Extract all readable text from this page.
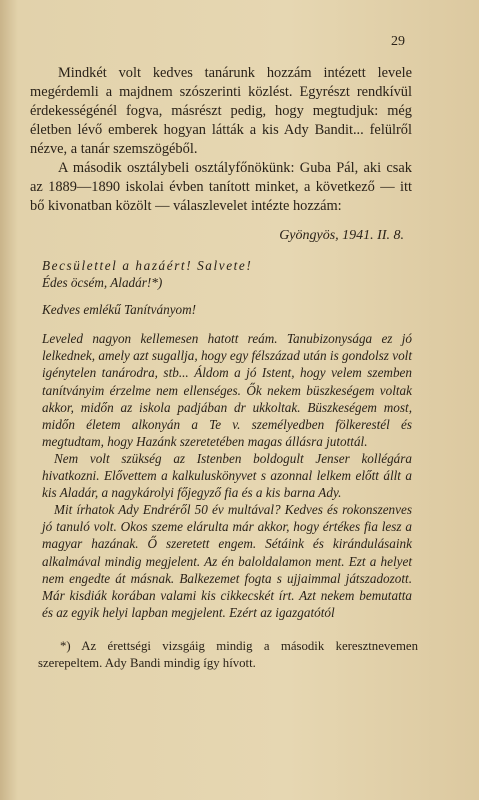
29

Mindkét volt kedves tanárunk hozzám intézett levele megérdemli a majdnem szószerinti közlést. Egyrészt rendkívül érdekességénél fogva, másrészt pedig, hogy megtudjuk: még életben lévő emberek hogyan látták a kis Ady Bandit... felülről nézve, a tanár szemszögéből.

A második osztálybeli osztályfőnökünk: Guba Pál, aki csak az 1889—1890 iskolai évben tanított minket, a következő — itt bő kivonatban közölt — válaszlevelet intézte hozzám:

Gyöngyös, 1941. II. 8.

Becsülettel a hazáért! Salvete!

Édes öcsém, Aladár!*)

Kedves emlékű Tanítványom!

Leveled nagyon kellemesen hatott reám. Tanubizonysága ez jó lelkednek, amely azt sugallja, hogy egy félszázad után is gondolsz volt igénytelen tanárodra, stb... Áldom a jó Istent, hogy velem szemben tanítványim érzelme nem ellenséges. Ők nekem büszkeségem voltak akkor, midőn az iskola padjában dr ukkoltak. Büszkeségem most, midőn életem alkonyán a Te v. személyedben fölkerestél és megtudtam, hogy Hazánk szeretetében magas állásra jutottál.

Nem volt szükség az Istenben boldogult Jenser kollégára hivatkozni. Elővettem a kalkuluskönyvet s azonnal lelkem előtt állt a kis Aladár, a nagykárolyi főjegyző fia és a kis barna Ady.

Mit írhatok Ady Endréről 50 év multával? Kedves és rokonszenves jó tanuló volt. Okos szeme elárulta már akkor, hogy értékes fia lesz a magyar hazának. Ő szeretett engem. Sétáink és kirándulásaink alkalmával mindig megjelent. Az én baloldalamon ment. Ezt a helyet nem engedte át másnak. Balkezemet fogta s ujjaimmal játszadozott. Már kisdiák korában valami kis cikkecskét írt. Azt nekem bemutatta és az egyik helyi lapban megjelent. Ezért az igazgatótól

*) Az érettségi vizsgáig mindig a második keresztnevemen szerepeltem. Ady Bandi mindig így hívott.
